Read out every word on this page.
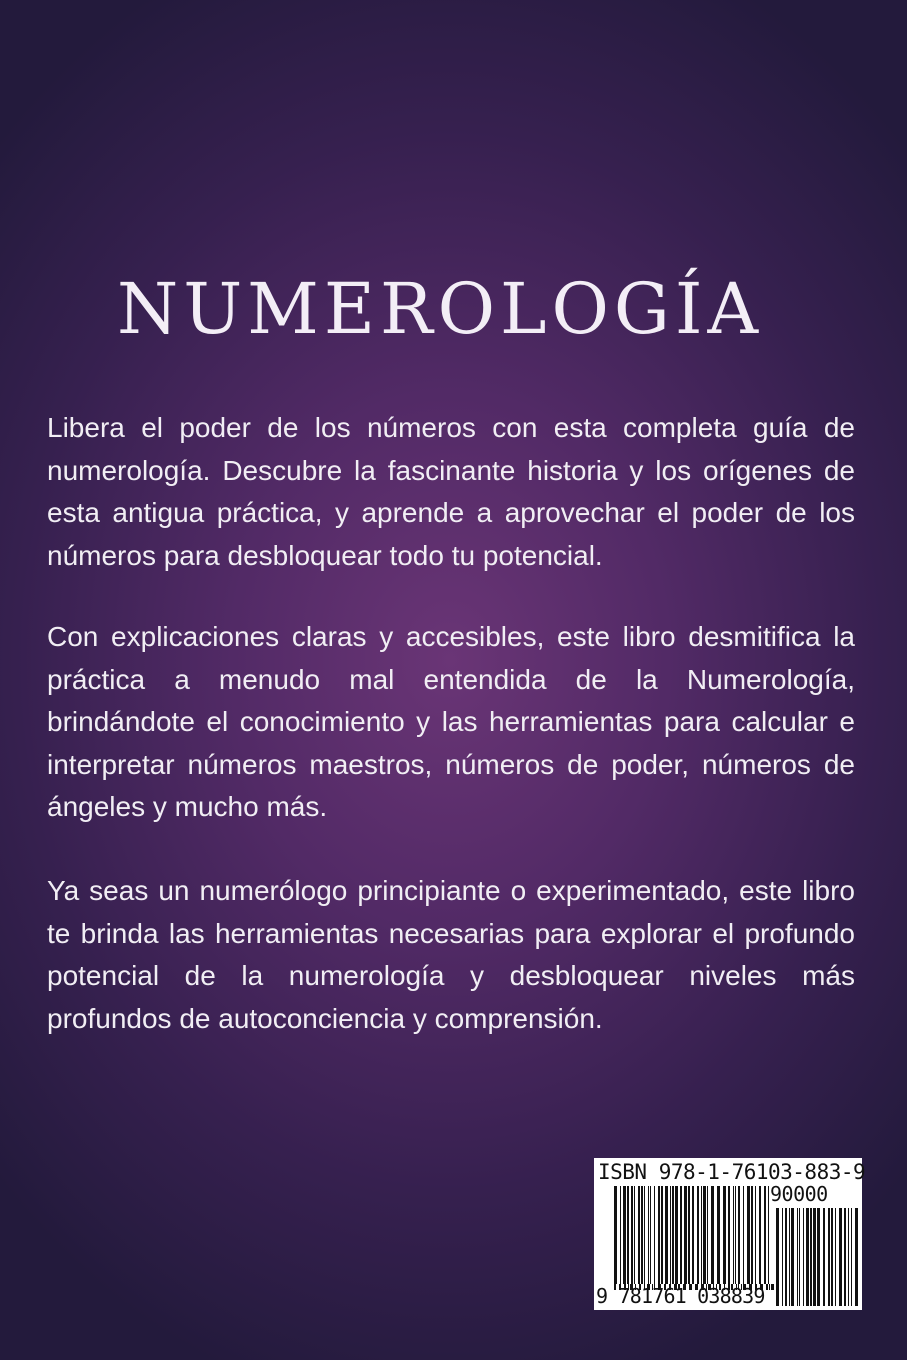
NUMEROLOGÍA

Libera el poder de los números con esta completa guía de numerología. Descubre la fascinante historia y los orígenes de esta antigua práctica, y aprende a aprovechar el poder de los números para desbloquear todo tu potencial.

Con explicaciones claras y accesibles, este libro desmitifica la práctica a menudo mal entendida de la Numerología, brindándote el conocimiento y las herramientas para calcular e interpretar números maestros, números de poder, números de ángeles y mucho más.

Ya seas un numerólogo principiante o experimentado, este libro te brinda las herramientas necesarias para explorar el profundo potencial de la numerología y desbloquear niveles más profundos de autoconciencia y comprensión.

ISBN 978-1-76103-883-9
90000
9 781761 038839
